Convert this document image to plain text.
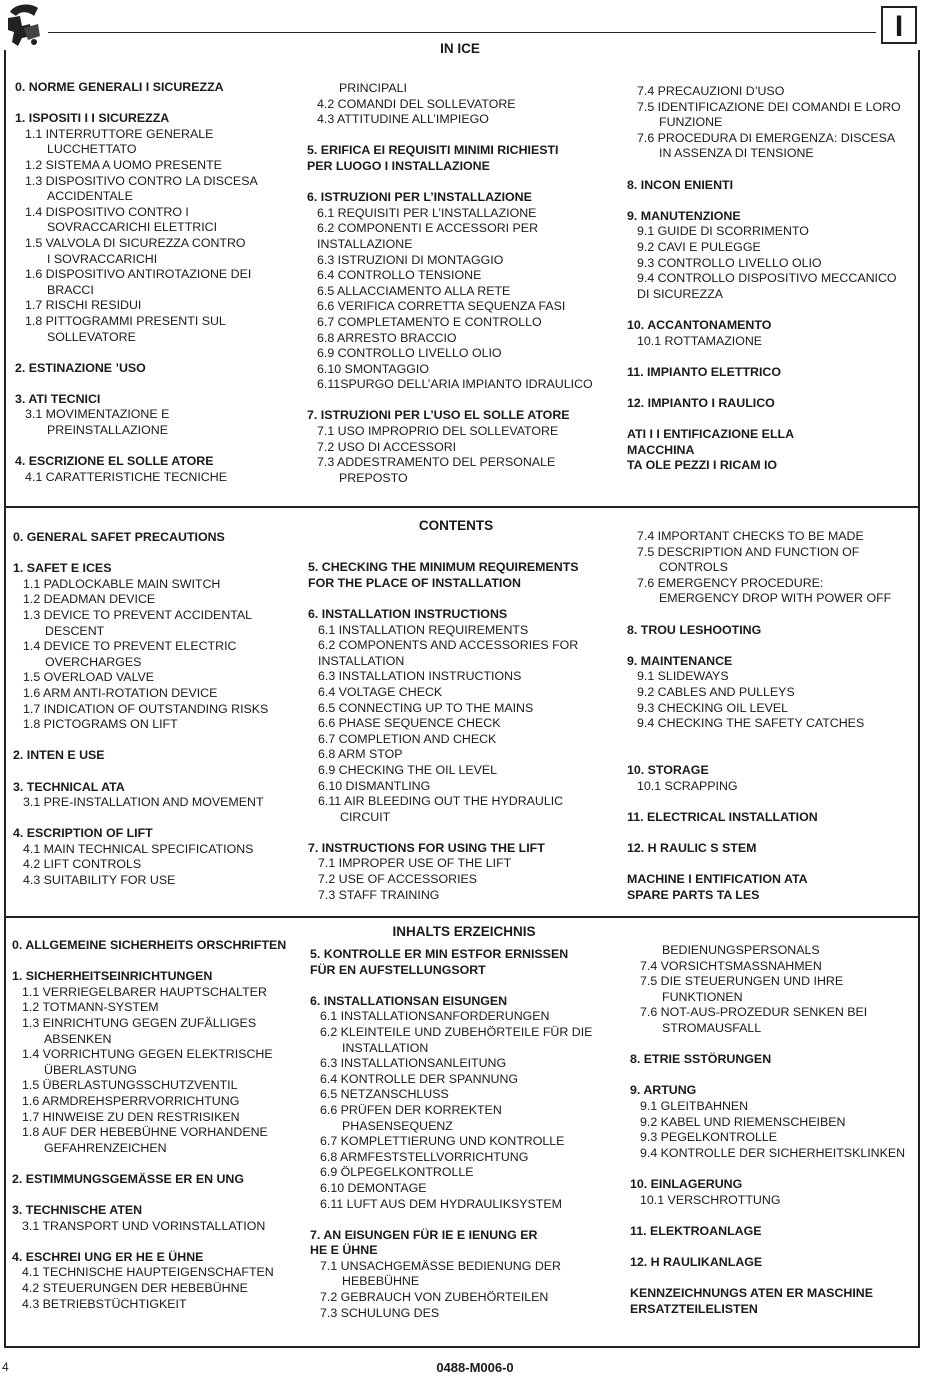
I
IN ICE
CONTENTS
INHALTS ERZEICHNIS
0. NORME GENERALI I SICUREZZA
1. ISPOSITI I I SICUREZZA
1.1 INTERRUTTORE GENERALE
LUCCHETTATO
1.2 SISTEMA A UOMO PRESENTE
1.3 DISPOSITIVO CONTRO LA DISCESA
ACCIDENTALE
1.4 DISPOSITIVO CONTRO I
SOVRACCARICHI ELETTRICI
1.5 VALVOLA DI SICUREZZA CONTRO
I SOVRACCARICHI
1.6 DISPOSITIVO ANTIROTAZIONE DEI
BRACCI
1.7 RISCHI RESIDUI
1.8 PITTOGRAMMI PRESENTI SUL
SOLLEVATORE
2. ESTINAZIONE ’USO
3. ATI TECNICI
3.1 MOVIMENTAZIONE E
PREINSTALLAZIONE
4. ESCRIZIONE EL SOLLE ATORE
4.1 CARATTERISTICHE TECNICHE
PRINCIPALI
4.2 COMANDI DEL SOLLEVATORE
4.3 ATTITUDINE ALL’IMPIEGO
5. ERIFICA EI REQUISITI MINIMI RICHIESTI
PER LUOGO I INSTALLAZIONE
6. ISTRUZIONI PER L’INSTALLAZIONE
6.1 REQUISITI PER L’INSTALLAZIONE
6.2 COMPONENTI E ACCESSORI PER
INSTALLAZIONE
6.3 ISTRUZIONI DI MONTAGGIO
6.4 CONTROLLO TENSIONE
6.5 ALLACCIAMENTO ALLA RETE
6.6 VERIFICA CORRETTA SEQUENZA FASI
6.7 COMPLETAMENTO E CONTROLLO
6.8 ARRESTO BRACCIO
6.9 CONTROLLO LIVELLO OLIO
6.10 SMONTAGGIO
6.11SPURGO DELL’ARIA IMPIANTO IDRAULICO
7. ISTRUZIONI PER L’USO EL SOLLE ATORE
7.1 USO IMPROPRIO DEL SOLLEVATORE
7.2 USO DI ACCESSORI
7.3 ADDESTRAMENTO DEL PERSONALE
PREPOSTO
7.4 PRECAUZIONI D’USO
7.5 IDENTIFICAZIONE DEI COMANDI E LORO
FUNZIONE
7.6 PROCEDURA DI EMERGENZA: DISCESA
IN ASSENZA DI TENSIONE
8. INCON ENIENTI
9. MANUTENZIONE
9.1 GUIDE DI SCORRIMENTO
9.2 CAVI E PULEGGE
9.3 CONTROLLO LIVELLO OLIO
9.4 CONTROLLO DISPOSITIVO MECCANICO
DI SICUREZZA
10. ACCANTONAMENTO
10.1 ROTTAMAZIONE
11. IMPIANTO ELETTRICO
12. IMPIANTO I RAULICO
ATI I I ENTIFICAZIONE ELLA
MACCHINA
TA OLE PEZZI I RICAM IO
0. GENERAL SAFET PRECAUTIONS
1. SAFET E ICES
1.1 PADLOCKABLE MAIN SWITCH
1.2 DEADMAN DEVICE
1.3 DEVICE TO PREVENT ACCIDENTAL
DESCENT
1.4 DEVICE TO PREVENT ELECTRIC
OVERCHARGES
1.5 OVERLOAD VALVE
1.6 ARM ANTI-ROTATION DEVICE
1.7 INDICATION OF OUTSTANDING RISKS
1.8 PICTOGRAMS ON LIFT
2. INTEN E USE
3. TECHNICAL ATA
3.1 PRE-INSTALLATION AND MOVEMENT
4. ESCRIPTION OF LIFT
4.1 MAIN TECHNICAL SPECIFICATIONS
4.2 LIFT CONTROLS
4.3 SUITABILITY FOR USE
5. CHECKING THE MINIMUM REQUIREMENTS
FOR THE PLACE OF INSTALLATION
6. INSTALLATION INSTRUCTIONS
6.1 INSTALLATION REQUIREMENTS
6.2 COMPONENTS AND ACCESSORIES FOR
INSTALLATION
6.3 INSTALLATION INSTRUCTIONS
6.4 VOLTAGE CHECK
6.5 CONNECTING UP TO THE MAINS
6.6 PHASE SEQUENCE CHECK
6.7 COMPLETION AND CHECK
6.8 ARM STOP
6.9 CHECKING THE OIL LEVEL
6.10 DISMANTLING
6.11 AIR BLEEDING OUT THE HYDRAULIC
CIRCUIT
7. INSTRUCTIONS FOR USING THE LIFT
7.1 IMPROPER USE OF THE LIFT
7.2 USE OF ACCESSORIES
7.3 STAFF TRAINING
7.4 IMPORTANT CHECKS TO BE MADE
7.5 DESCRIPTION AND FUNCTION OF
CONTROLS
7.6 EMERGENCY PROCEDURE:
EMERGENCY DROP WITH POWER OFF
8. TROU LESHOOTING
9. MAINTENANCE
9.1 SLIDEWAYS
9.2 CABLES AND PULLEYS
9.3 CHECKING OIL LEVEL
9.4 CHECKING THE SAFETY CATCHES
10. STORAGE
10.1 SCRAPPING
11. ELECTRICAL INSTALLATION
12. H RAULIC S STEM
MACHINE I ENTIFICATION ATA
SPARE PARTS TA LES
0. ALLGEMEINE SICHERHEITS ORSCHRIFTEN
1. SICHERHEITSEINRICHTUNGEN
1.1 VERRIEGELBARER HAUPTSCHALTER
1.2 TOTMANN-SYSTEM
1.3 EINRICHTUNG GEGEN ZUFÄLLIGES
ABSENKEN
1.4 VORRICHTUNG GEGEN ELEKTRISCHE
ÜBERLASTUNG
1.5 ÜBERLASTUNGSSCHUTZVENTIL
1.6 ARMDREHSPERRVORRICHTUNG
1.7 HINWEISE ZU DEN RESTRISIKEN
1.8 AUF DER HEBEBÜHNE VORHANDENE
GEFAHRENZEICHEN
2. ESTIMMUNGSGEMÄSSE ER EN UNG
3. TECHNISCHE ATEN
3.1 TRANSPORT UND VORINSTALLATION
4. ESCHREI UNG ER HE E ÜHNE
4.1 TECHNISCHE HAUPTEIGENSCHAFTEN
4.2 STEUERUNGEN DER HEBEBÜHNE
4.3 BETRIEBSTÜCHTIGKEIT
5. KONTROLLE ER MIN ESTFOR ERNISSEN
FÜR EN AUFSTELLUNGSORT
6. INSTALLATIONSAN EISUNGEN
6.1 INSTALLATIONSANFORDERUNGEN
6.2 KLEINTEILE UND ZUBEHÖRTEILE FÜR DIE
INSTALLATION
6.3 INSTALLATIONSANLEITUNG
6.4 KONTROLLE DER SPANNUNG
6.5 NETZANSCHLUSS
6.6 PRÜFEN DER KORREKTEN
PHASENSEQUENZ
6.7 KOMPLETTIERUNG UND KONTROLLE
6.8 ARMFESTSTELLVORRICHTUNG
6.9 ÖLPEGELKONTROLLE
6.10 DEMONTAGE
6.11 LUFT AUS DEM HYDRAULIKSYSTEM
7. AN EISUNGEN FÜR IE E IENUNG ER
HE E ÜHNE
7.1 UNSACHGEMÄSSE BEDIENUNG DER
HEBEBÜHNE
7.2 GEBRAUCH VON ZUBEHÖRTEILEN
7.3 SCHULUNG DES
BEDIENUNGSPERSONALS
7.4 VORSICHTSMASSNAHMEN
7.5 DIE STEUERUNGEN UND IHRE
FUNKTIONEN
7.6 NOT-AUS-PROZEDUR SENKEN BEI
STROMAUSFALL
8. ETRIE SSTÖRUNGEN
9. ARTUNG
9.1 GLEITBAHNEN
9.2 KABEL UND RIEMENSCHEIBEN
9.3 PEGELKONTROLLE
9.4 KONTROLLE DER SICHERHEITSKLINKEN
10. EINLAGERUNG
10.1 VERSCHROTTUNG
11. ELEKTROANLAGE
12. H RAULIKANLAGE
KENNZEICHNUNGS ATEN ER MASCHINE
ERSATZTEILELISTEN
4	0488-M006-0
